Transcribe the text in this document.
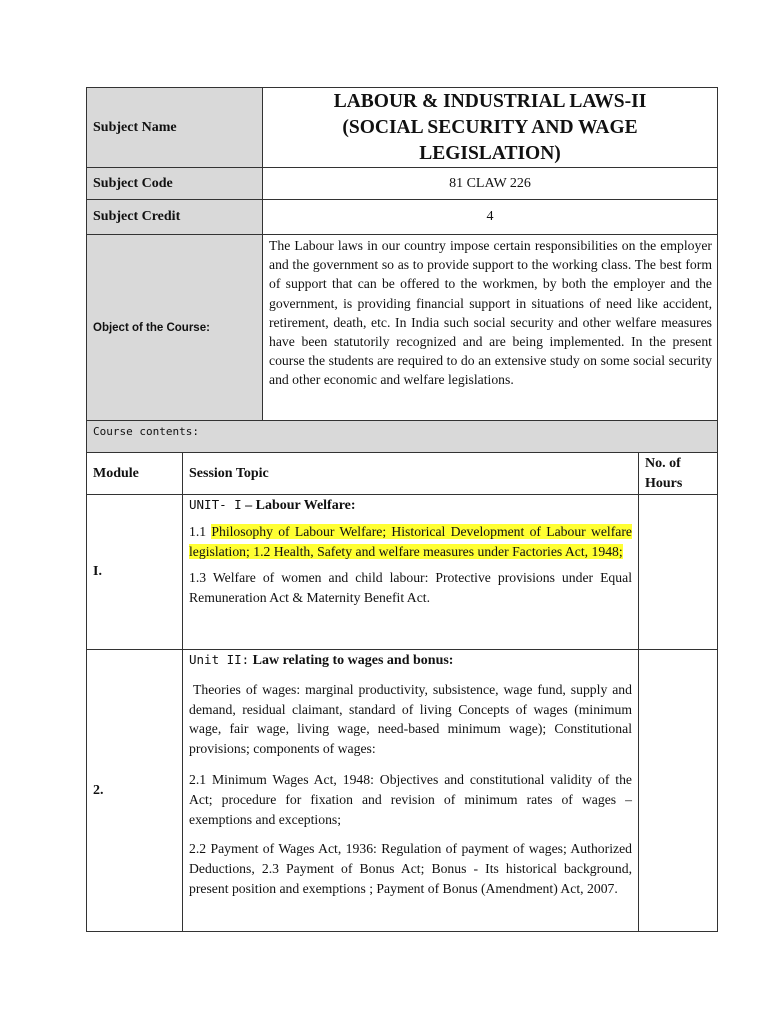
Subject Name	LABOUR & INDUSTRIAL LAWS-II
(SOCIAL SECURITY AND WAGE
LEGISLATION)

Subject Code	81 CLAW 226
Subject Credit	4
Object of the Course:	The Labour laws in our country impose certain responsibilities on the employer and the government so as to provide support to the working class. The best form of support that can be offered to the workmen, by both the employer and the government, is providing financial support in situations of need like accident, retirement, death, etc. In India such social security and other welfare measures have been statutorily recognized and are being implemented. In the present course the students are required to do an extensive study on some social security and other economic and welfare legislations.
Course contents:		
Module	Session Topic	No. of
Hours

I.	UNIT- I – Labour Welfare:

1.1 Philosophy of Labour Welfare; Historical Development of Labour welfare legislation; 1.2 Health, Safety and welfare measures under Factories Act, 1948;

1.3 Welfare of women and child labour: Protective provisions under Equal Remuneration Act & Maternity Benefit Act.	

2.	Unit II: Law relating to wages and bonus:

Theories of wages: marginal productivity, subsistence, wage fund, supply and demand, residual claimant, standard of living Concepts of wages (minimum wage, fair wage, living wage, need-based minimum wage); Constitutional provisions; components of wages:

2.1 Minimum Wages Act, 1948: Objectives and constitutional validity of the Act; procedure for fixation and revision of minimum rates of wages – exemptions and exceptions;

2.2 Payment of Wages Act, 1936: Regulation of payment of wages; Authorized Deductions, 2.3 Payment of Bonus Act; Bonus - Its historical background, present position and exemptions ; Payment of Bonus (Amendment) Act, 2007.	
